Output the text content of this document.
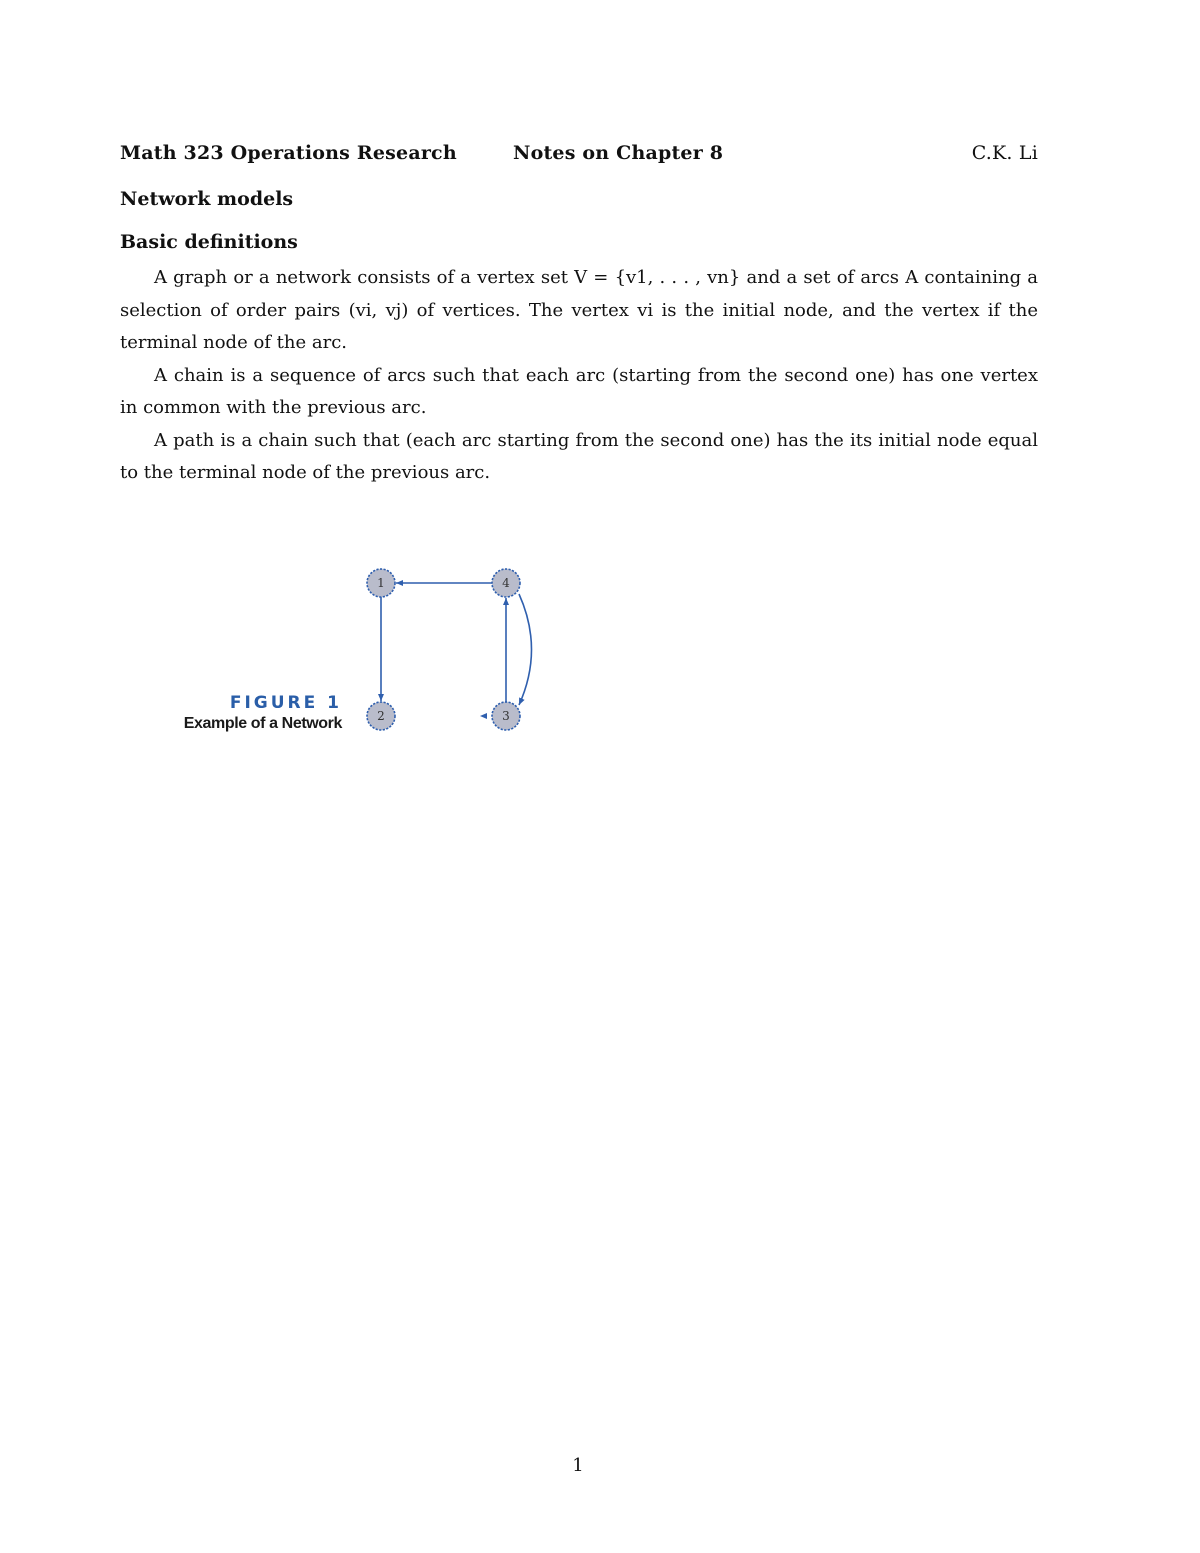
Math 323 Operations Research	Notes on Chapter 8	C.K. Li
Network models
Basic definitions

A graph or a network consists of a vertex set V = {v1, . . . , vn} and a set of arcs A containing a selection of order pairs (vi, vj) of vertices. The vertex vi is the initial node, and the vertex if the terminal node of the arc.

A chain is a sequence of arcs such that each arc (starting from the second one) has one vertex in common with the previous arc.

A path is a chain such that (each arc starting from the second one) has the its initial node equal to the terminal node of the previous arc.

1
2	3
4
FIGURE 1
Example of a Network
1
